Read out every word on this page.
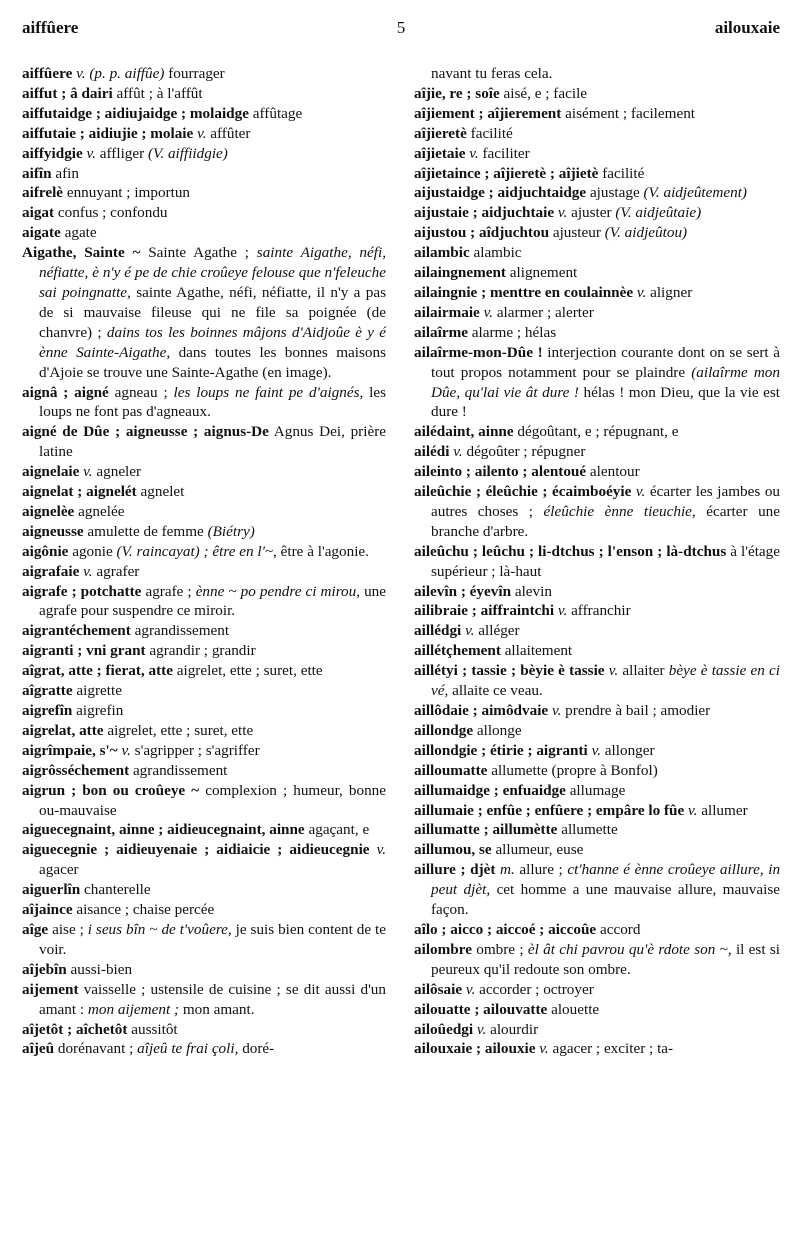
aiffûere	5	ailouxaie
aiffûere v. (p. p. aiffûe) fourrager
aiffut ; â dairi affût ; à l'affût
aiffutaidge ; aidiujaidge ; molaidge affûtage
aiffutaie ; aidiujie ; molaie v. affûter
aiffyidgie v. affliger (V. aiffiidgie)
aifîn afin
aifrelè ennuyant ; importun
aigat confus ; confondu
aigate agate
Aigathe, Sainte ~ Sainte Agathe ; sainte Aigathe, néfi, néfiatte, è n'y é pe de chie croûeye felouse que n'feleuche sai poingnatte, sainte Agathe, néfi, néfiatte, il n'y a pas de si mauvaise fileuse qui ne file sa poignée (de chanvre) ; dains tos les boinnes mâjons d'Aidjoûe è y é ènne Sainte-Aigathe, dans toutes les bonnes maisons d'Ajoie se trouve une Sainte-Agathe (en image).
aignâ ; aigné agneau ; les loups ne faint pe d'aignés, les loups ne font pas d'agneaux.
aigné de Dûe ; aigneusse ; aignus-De Agnus Dei, prière latine
aignelaie v. agneler
aignelat ; aignelét agnelet
aignelèe agnelée
aigneusse amulette de femme (Biétry)
aigônie agonie (V. raincayat) ; être en l'~, être à l'agonie.
aigrafaie v. agrafer
aigrafe ; potchatte agrafe ; ènne ~ po pendre ci mirou, une agrafe pour suspendre ce miroir.
aigrantéchement agrandissement
aigranti ; vni grant agrandir ; grandir
aîgrat, atte ; fierat, atte aigrelet, ette ; suret, ette
aîgratte aigrette
aigrefîn aigrefin
aigrelat, atte aigrelet, ette ; suret, ette
aigrîmpaie, s'~ v. s'agripper ; s'agriffer
aigrôsséchement agrandissement
aigrun ; bon ou croûeye ~ complexion ; humeur, bonne ou-mauvaise
aiguecegnaint, ainne ; aidieucegnaint, ainne agaçant, e
aiguecegnie ; aidieuyenaie ; aidiaicie ; aidieucegnie v. agacer
aiguerlîn chanterelle
aîjaince aisance ; chaise percée
aîge aise ; i seus bîn ~ de t'voûere, je suis bien content de te voir.
aîjebîn aussi-bien
aijement vaisselle ; ustensile de cuisine ; se dit aussi d'un amant : mon aijement ; mon amant.
aîjetôt ; aîchetôt aussitôt
aîjeû dorénavant ; aîjeû te frai çoli, doré-
navant tu feras cela.
aîjie, re ; soîe aisé, e ; facile
aîjiement ; aîjierement aisément ; facilement
aîjieretè facilité
aîjietaie v. faciliter
aîjietaince ; aîjieretè ; aîjietè facilité
aijustaidge ; aidjuchtaidge ajustage (V. aidjeûtement)
aijustaie ; aidjuchtaie v. ajuster (V. aidjeûtaie)
aijustou ; aîdjuchtou ajusteur (V. aidjeûtou)
ailambic alambic
ailaingnement alignement
ailaingnie ; menttre en coulainnèe v. aligner
ailairmaie v. alarmer ; alerter
ailaîrme alarme ; hélas
ailaîrme-mon-Dûe ! interjection courante dont on se sert à tout propos notamment pour se plaindre (ailaîrme mon Dûe, qu'lai vie ât dure ! hélas ! mon Dieu, que la vie est dure !
ailédaint, ainne dégoûtant, e ; répugnant, e
ailédi v. dégoûter ; répugner
aileinto ; ailento ; alentoué alentour
aileûchie ; éleûchie ; écaimboéyie v. écarter les jambes ou autres choses ; éleûchie ènne tieuchie, écarter une branche d'arbre.
aileûchu ; leûchu ; li-dtchus ; l'enson ; là-dtchus à l'étage supérieur ; là-haut
ailevîn ; éyevîn alevin
ailibraie ; aiffraintchi v. affranchir
aillédgi v. alléger
aillétçhement allaitement
aillétyi ; tassie ; bèyie è tassie v. allaiter bèye è tassie en ci vé, allaite ce veau.
aillôdaie ; aimôdvaie v. prendre à bail ; amodier
aillondge allonge
aillondgie ; étirie ; aigranti v. allonger
ailloumatte allumette (propre à Bonfol)
aillumaidge ; enfuaidge allumage
aillumaie ; enfûe ; enfûere ; empâre lo fûe v. allumer
aillumatte ; aillumètte allumette
aillumou, se allumeur, euse
aillure ; djèt m. allure ; ct'hanne é ènne croûeye aillure, in peut djèt, cet homme a une mauvaise allure, mauvaise façon.
aîlo ; aicco ; aiccoé ; aiccoûe accord
ailombre ombre ; èl ât chi pavrou qu'è rdote son ~, il est si peureux qu'il redoute son ombre.
ailôsaie v. accorder ; octroyer
ailouatte ; ailouvatte alouette
ailoûedgi v. alourdir
ailouxaie ; ailouxie v. agacer ; exciter ; ta-
